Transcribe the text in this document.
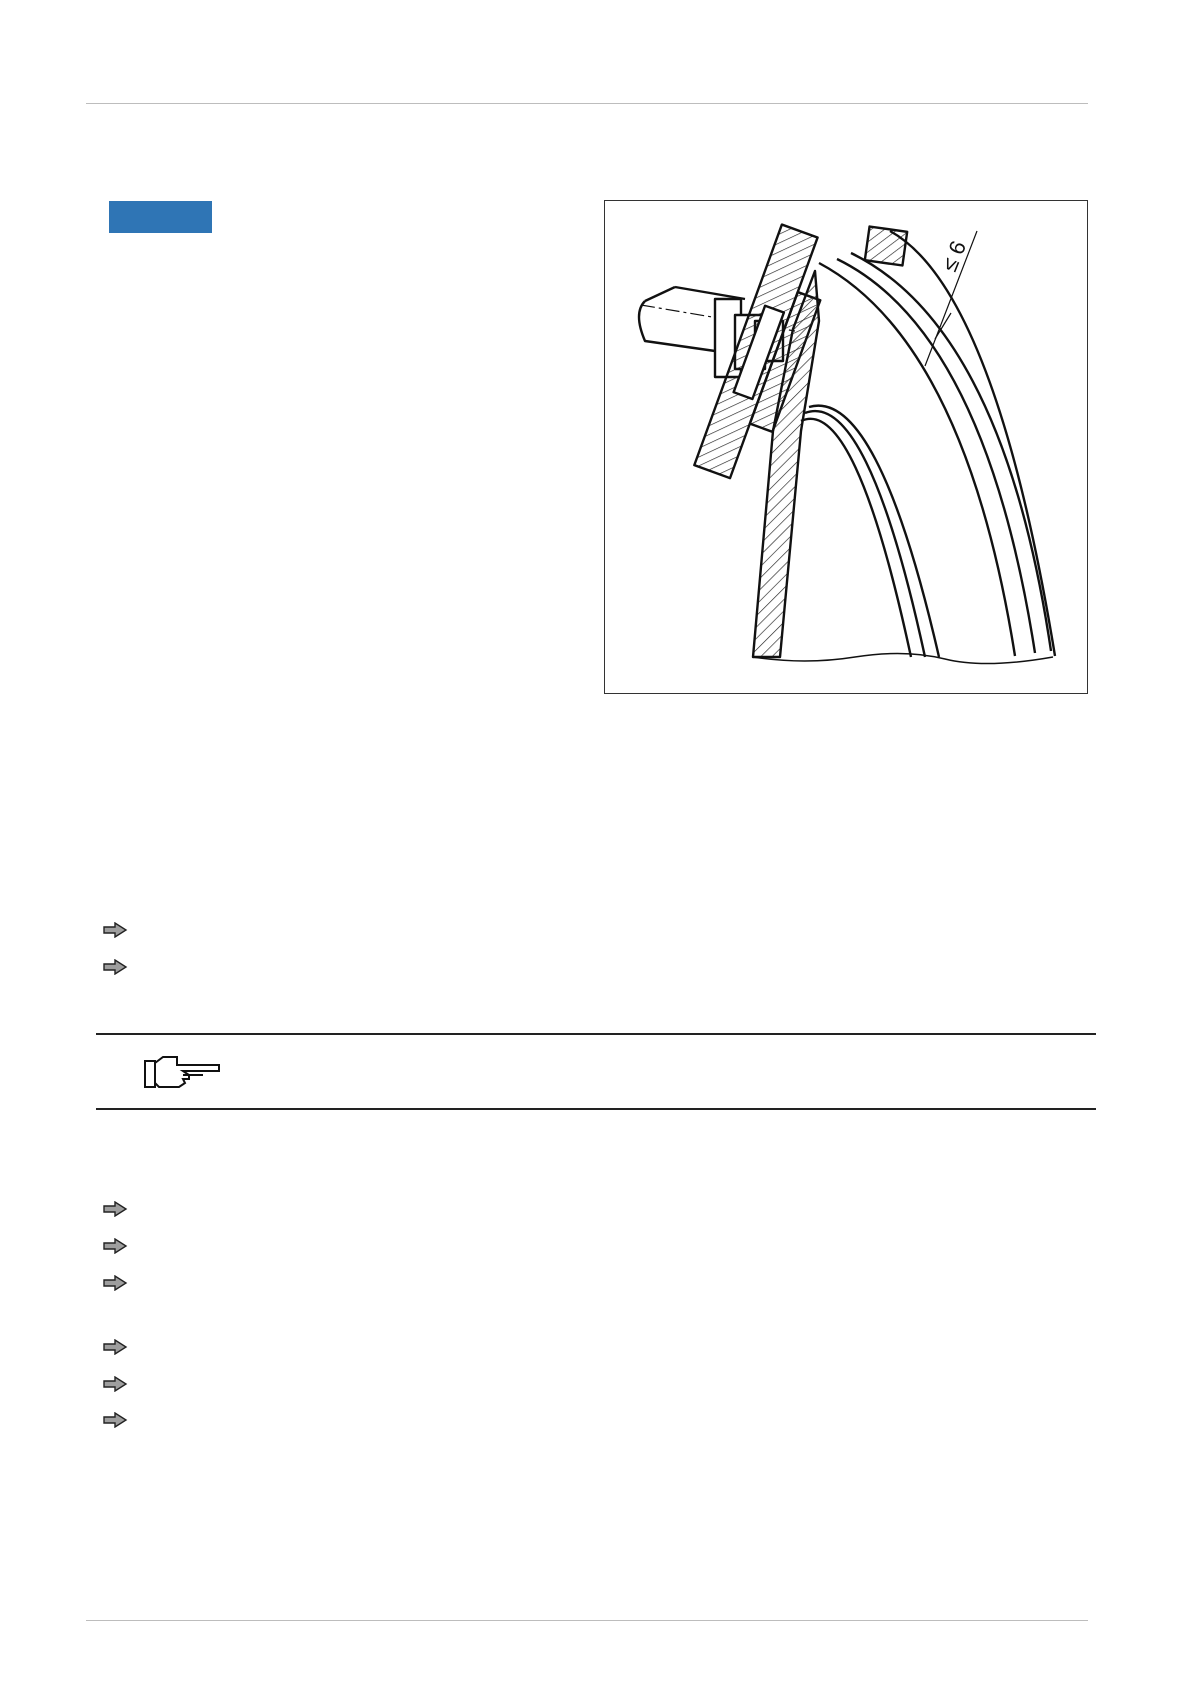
≤ 6
